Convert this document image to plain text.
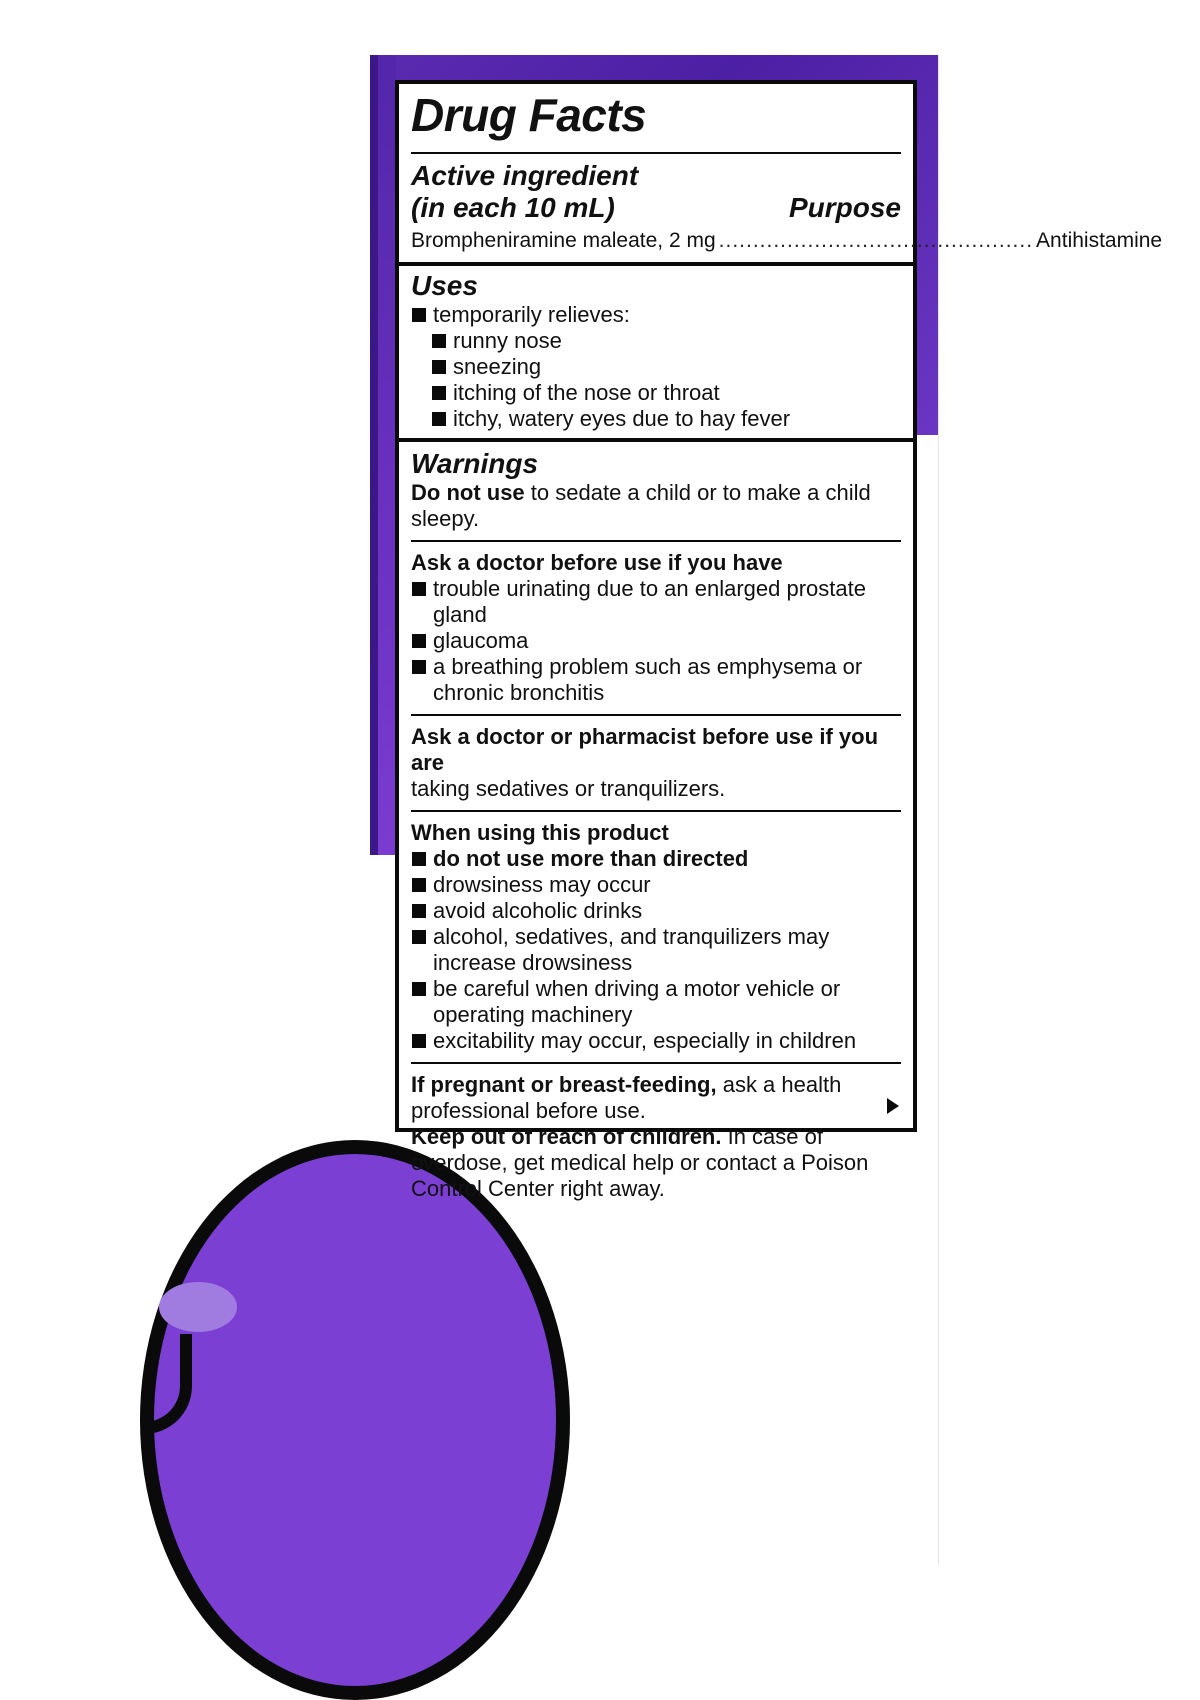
Drug Facts
Active ingredient
(in each 10 mL)	Purpose
Brompheniramine maleate, 2 mg .............................................. Antihistamine
Uses
temporarily relieves:
runny nose
sneezing
itching of the nose or throat
itchy, watery eyes due to hay fever
Warnings
Do not use to sedate a child or to make a child sleepy.
Ask a doctor before use if you have
trouble urinating due to an enlarged prostate gland
glaucoma
a breathing problem such as emphysema or chronic bronchitis
Ask a doctor or pharmacist before use if you are
taking sedatives or tranquilizers.
When using this product
do not use more than directed
drowsiness may occur
avoid alcoholic drinks
alcohol, sedatives, and tranquilizers may increase drowsiness
be careful when driving a motor vehicle or operating machinery
excitability may occur, especially in children
If pregnant or breast-feeding, ask a health professional before use.
Keep out of reach of children. In case of overdose, get medical help or contact a Poison Control Center right away.
